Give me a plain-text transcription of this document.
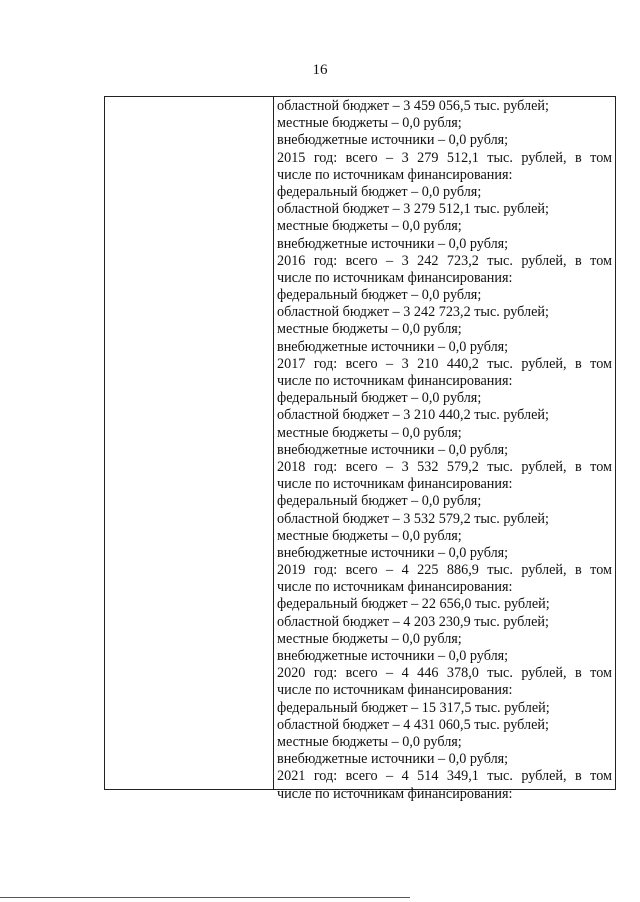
16
областной бюджет – 3 459 056,5 тыс. рублей;
местные бюджеты – 0,0 рубля;
внебюджетные источники – 0,0 рубля;
2015 год: всего – 3 279 512,1 тыс. рублей, в том
числе по источникам финансирования:
федеральный бюджет – 0,0 рубля;
областной бюджет – 3 279 512,1 тыс. рублей;
местные бюджеты – 0,0 рубля;
внебюджетные источники – 0,0 рубля;
2016 год: всего – 3 242 723,2 тыс. рублей, в том
числе по источникам финансирования:
федеральный бюджет – 0,0 рубля;
областной бюджет – 3 242 723,2 тыс. рублей;
местные бюджеты – 0,0 рубля;
внебюджетные источники – 0,0 рубля;
2017 год: всего – 3 210 440,2 тыс. рублей, в том
числе по источникам финансирования:
федеральный бюджет – 0,0 рубля;
областной бюджет – 3 210 440,2 тыс. рублей;
местные бюджеты – 0,0 рубля;
внебюджетные источники – 0,0 рубля;
2018 год: всего – 3 532 579,2 тыс. рублей, в том
числе по источникам финансирования:
федеральный бюджет – 0,0 рубля;
областной бюджет – 3 532 579,2 тыс. рублей;
местные бюджеты – 0,0 рубля;
внебюджетные источники – 0,0 рубля;
2019 год: всего – 4 225 886,9 тыс. рублей, в том
числе по источникам финансирования:
федеральный бюджет – 22 656,0 тыс. рублей;
областной бюджет – 4 203 230,9 тыс. рублей;
местные бюджеты – 0,0 рубля;
внебюджетные источники – 0,0 рубля;
2020 год: всего – 4 446 378,0 тыс. рублей, в том
числе по источникам финансирования:
федеральный бюджет – 15 317,5 тыс. рублей;
областной бюджет – 4 431 060,5 тыс. рублей;
местные бюджеты – 0,0 рубля;
внебюджетные источники – 0,0 рубля;
2021 год: всего – 4 514 349,1 тыс. рублей, в том
числе по источникам финансирования:
